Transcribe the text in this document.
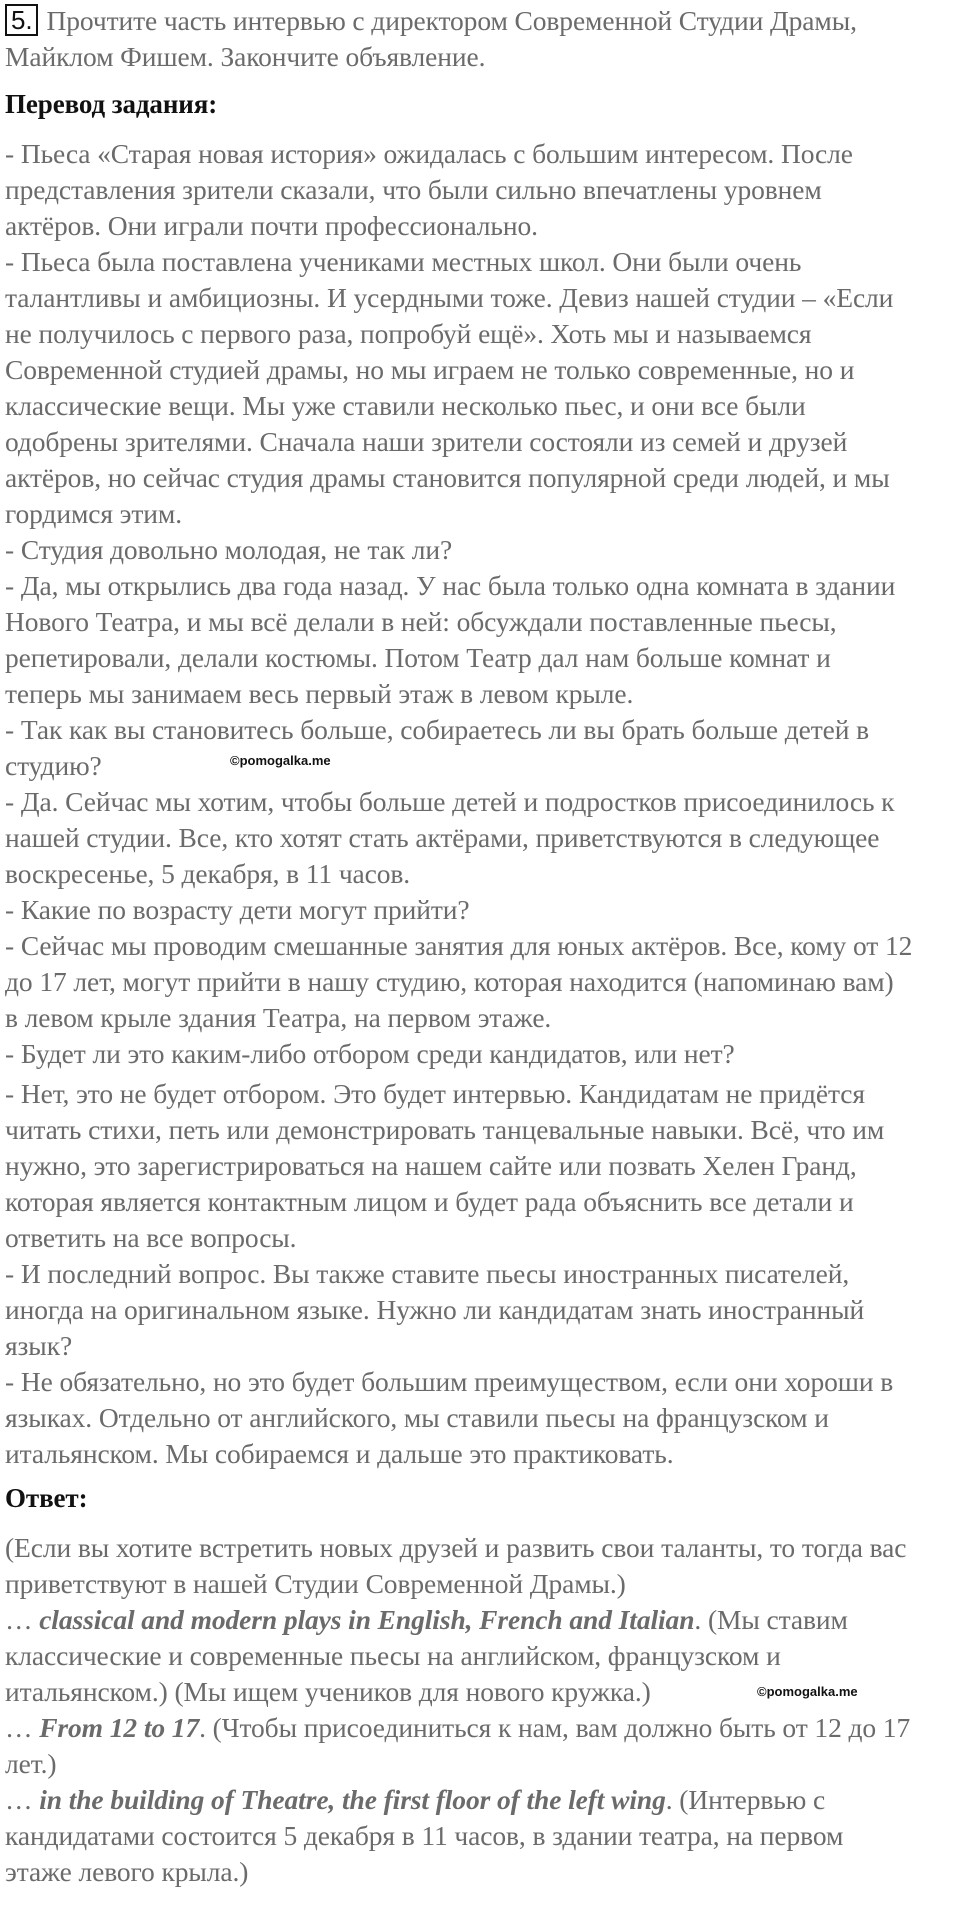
5. Прочтите часть интервью с директором Современной Студии Драмы,
Майклом Фишем. Закончите объявление.
Перевод задания:
- Пьеса «Старая новая история» ожидалась с большим интересом. После
представления зрители сказали, что были сильно впечатлены уровнем
актёров. Они играли почти профессионально.
- Пьеса была поставлена учениками местных школ. Они были очень
талантливы и амбициозны. И усердными тоже. Девиз нашей студии – «Если
не получилось с первого раза, попробуй ещё». Хоть мы и называемся
Современной студией драмы, но мы играем не только современные, но и
классические вещи. Мы уже ставили несколько пьес, и они все были
одобрены зрителями. Сначала наши зрители состояли из семей и друзей
актёров, но сейчас студия драмы становится популярной среди людей, и мы
гордимся этим.
- Студия довольно молодая, не так ли?
- Да, мы открылись два года назад. У нас была только одна комната в здании
Нового Театра, и мы всё делали в ней: обсуждали поставленные пьесы,
репетировали, делали костюмы. Потом Театр дал нам больше комнат и
теперь мы занимаем весь первый этаж в левом крыле.
- Так как вы становитесь больше, собираетесь ли вы брать больше детей в
студию?
- Да. Сейчас мы хотим, чтобы больше детей и подростков присоединилось к
нашей студии. Все, кто хотят стать актёрами, приветствуются в следующее
воскресенье, 5 декабря, в 11 часов.
- Какие по возрасту дети могут прийти?
- Сейчас мы проводим смешанные занятия для юных актёров. Все, кому от 12
до 17 лет, могут прийти в нашу студию, которая находится (напоминаю вам)
в левом крыле здания Театра, на первом этаже.
- Будет ли это каким-либо отбором среди кандидатов, или нет?
- Нет, это не будет отбором. Это будет интервью. Кандидатам не придётся
читать стихи, петь или демонстрировать танцевальные навыки. Всё, что им
нужно, это зарегистрироваться на нашем сайте или позвать Хелен Гранд,
которая является контактным лицом и будет рада объяснить все детали и
ответить на все вопросы.
- И последний вопрос. Вы также ставите пьесы иностранных писателей,
иногда на оригинальном языке. Нужно ли кандидатам знать иностранный
язык?
- Не обязательно, но это будет большим преимуществом, если они хороши в
языках. Отдельно от английского, мы ставили пьесы на французском и
итальянском. Мы собираемся и дальше это практиковать.
Ответ:
(Если вы хотите встретить новых друзей и развить свои таланты, то тогда вас
приветствуют в нашей Студии Современной Драмы.)
… classical and modern plays in English, French and Italian. (Мы ставим
классические и современные пьесы на английском, французском и
итальянском.) (Мы ищем учеников для нового кружка.)
… From 12 to 17. (Чтобы присоединиться к нам, вам должно быть от 12 до 17
лет.)
… in the building of Theatre, the first floor of the left wing. (Интервью с
кандидатами состоится 5 декабря в 11 часов, в здании театра, на первом
этаже левого крыла.)
©pomogalka.me
©pomogalka.me
